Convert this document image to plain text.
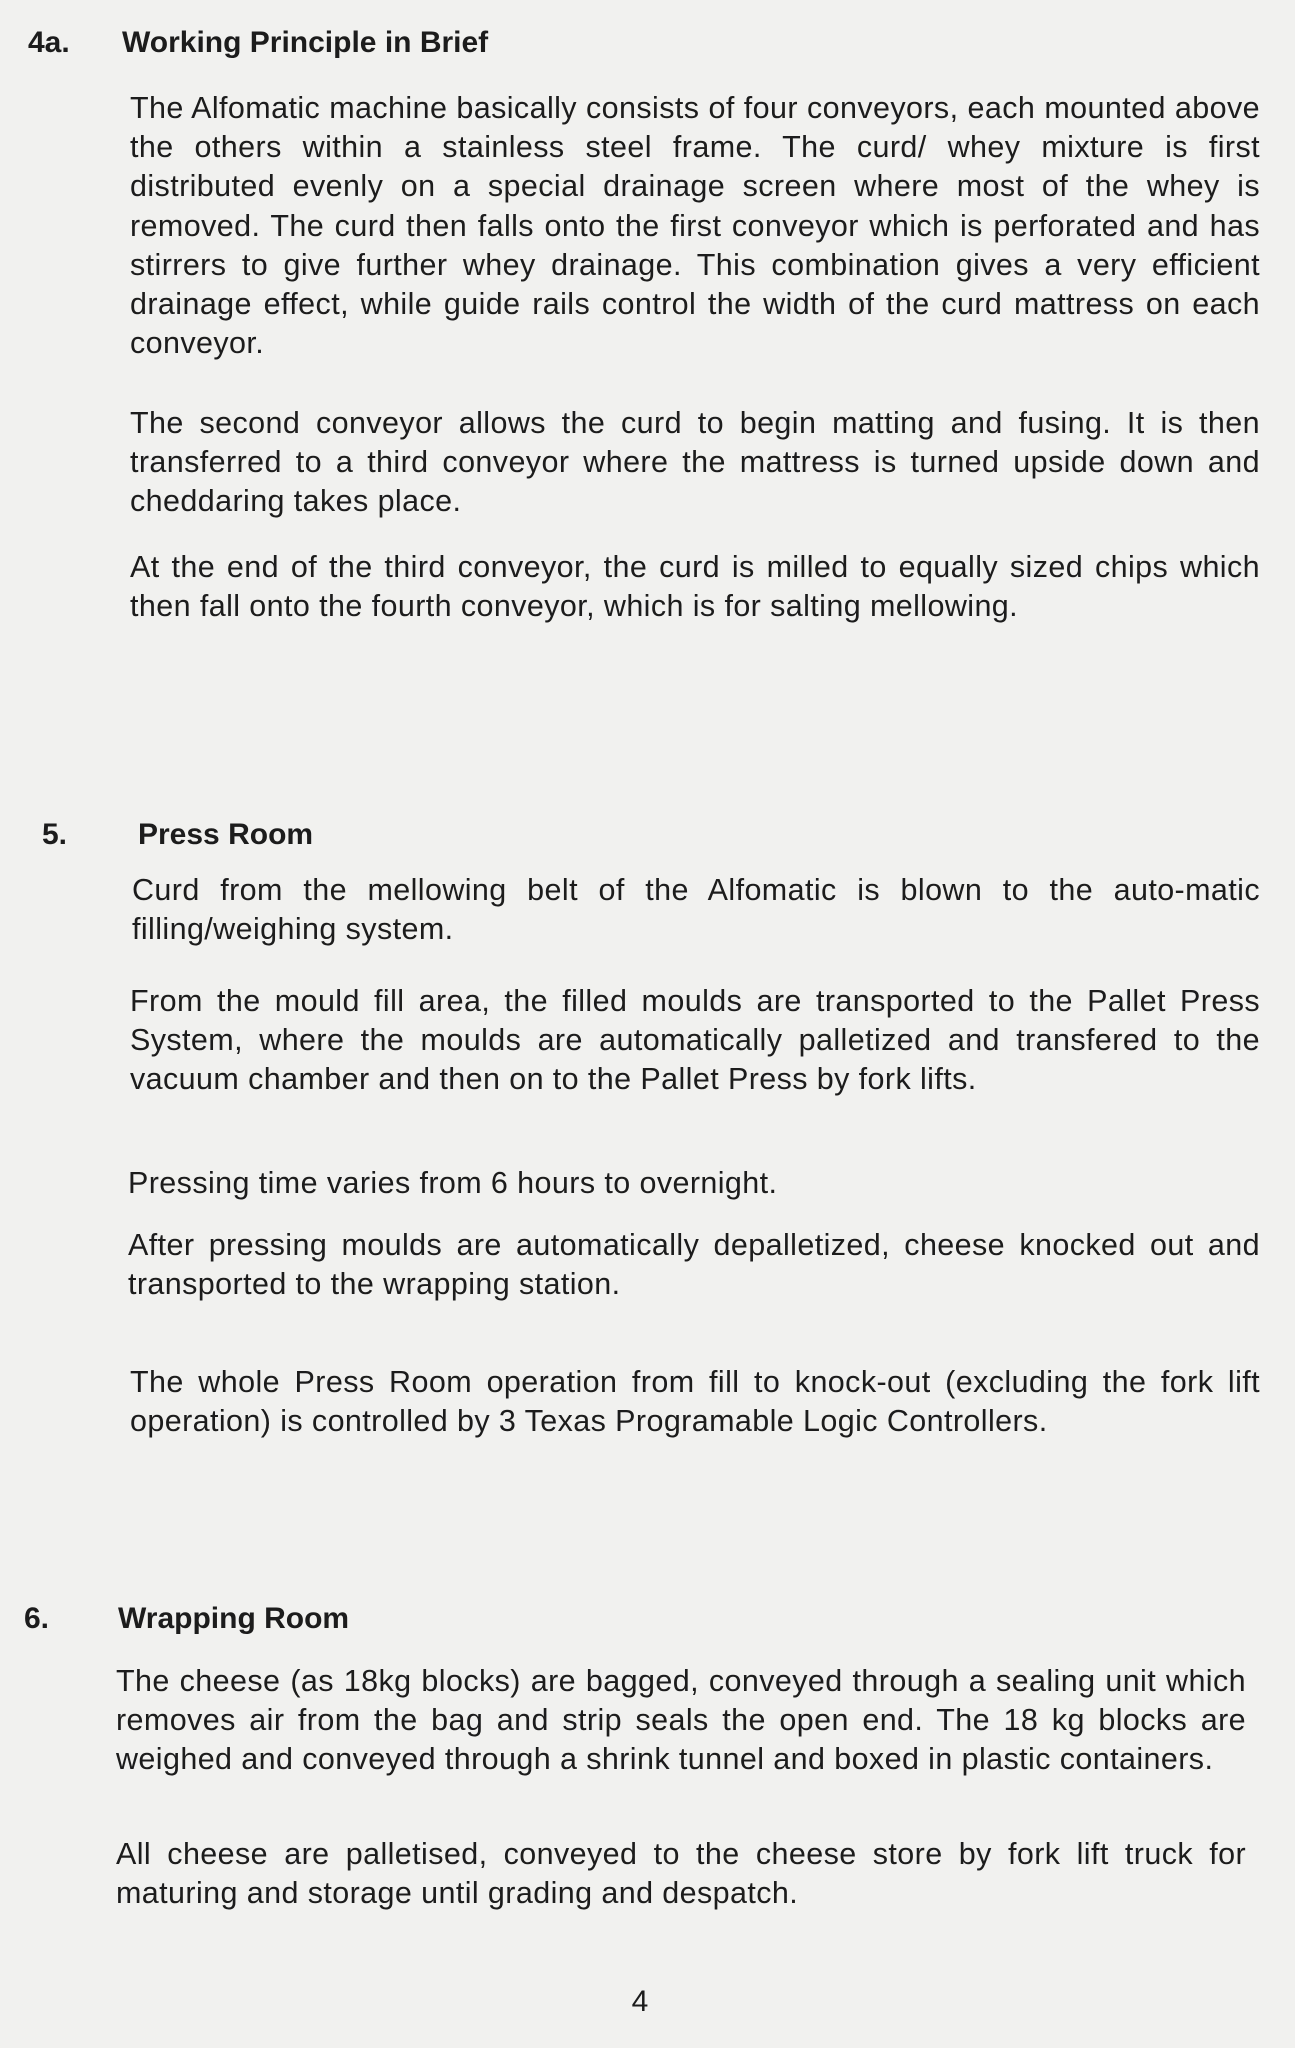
4a. Working Principle in Brief

The Alfomatic machine basically consists of four conveyors, each mounted above the others within a stainless steel frame. The curd/ whey mixture is first distributed evenly on a special drainage screen where most of the whey is removed. The curd then falls onto the first conveyor which is perforated and has stirrers to give further whey drainage. This combination gives a very efficient drainage effect, while guide rails control the width of the curd mattress on each conveyor.

The second conveyor allows the curd to begin matting and fusing. It is then transferred to a third conveyor where the mattress is turned upside down and cheddaring takes place.

At the end of the third conveyor, the curd is milled to equally sized chips which then fall onto the fourth conveyor, which is for salting mellowing.

5. Press Room

Curd from the mellowing belt of the Alfomatic is blown to the auto-matic filling/weighing system.

From the mould fill area, the filled moulds are transported to the Pallet Press System, where the moulds are automatically palletized and transfered to the vacuum chamber and then on to the Pallet Press by fork lifts.

Pressing time varies from 6 hours to overnight.

After pressing moulds are automatically depalletized, cheese knocked out and transported to the wrapping station.

The whole Press Room operation from fill to knock-out (excluding the fork lift operation) is controlled by 3 Texas Programable Logic Controllers.

6. Wrapping Room

The cheese (as 18kg blocks) are bagged, conveyed through a sealing unit which removes air from the bag and strip seals the open end. The 18 kg blocks are weighed and conveyed through a shrink tunnel and boxed in plastic containers.

All cheese are palletised, conveyed to the cheese store by fork lift truck for maturing and storage until grading and despatch.

4
